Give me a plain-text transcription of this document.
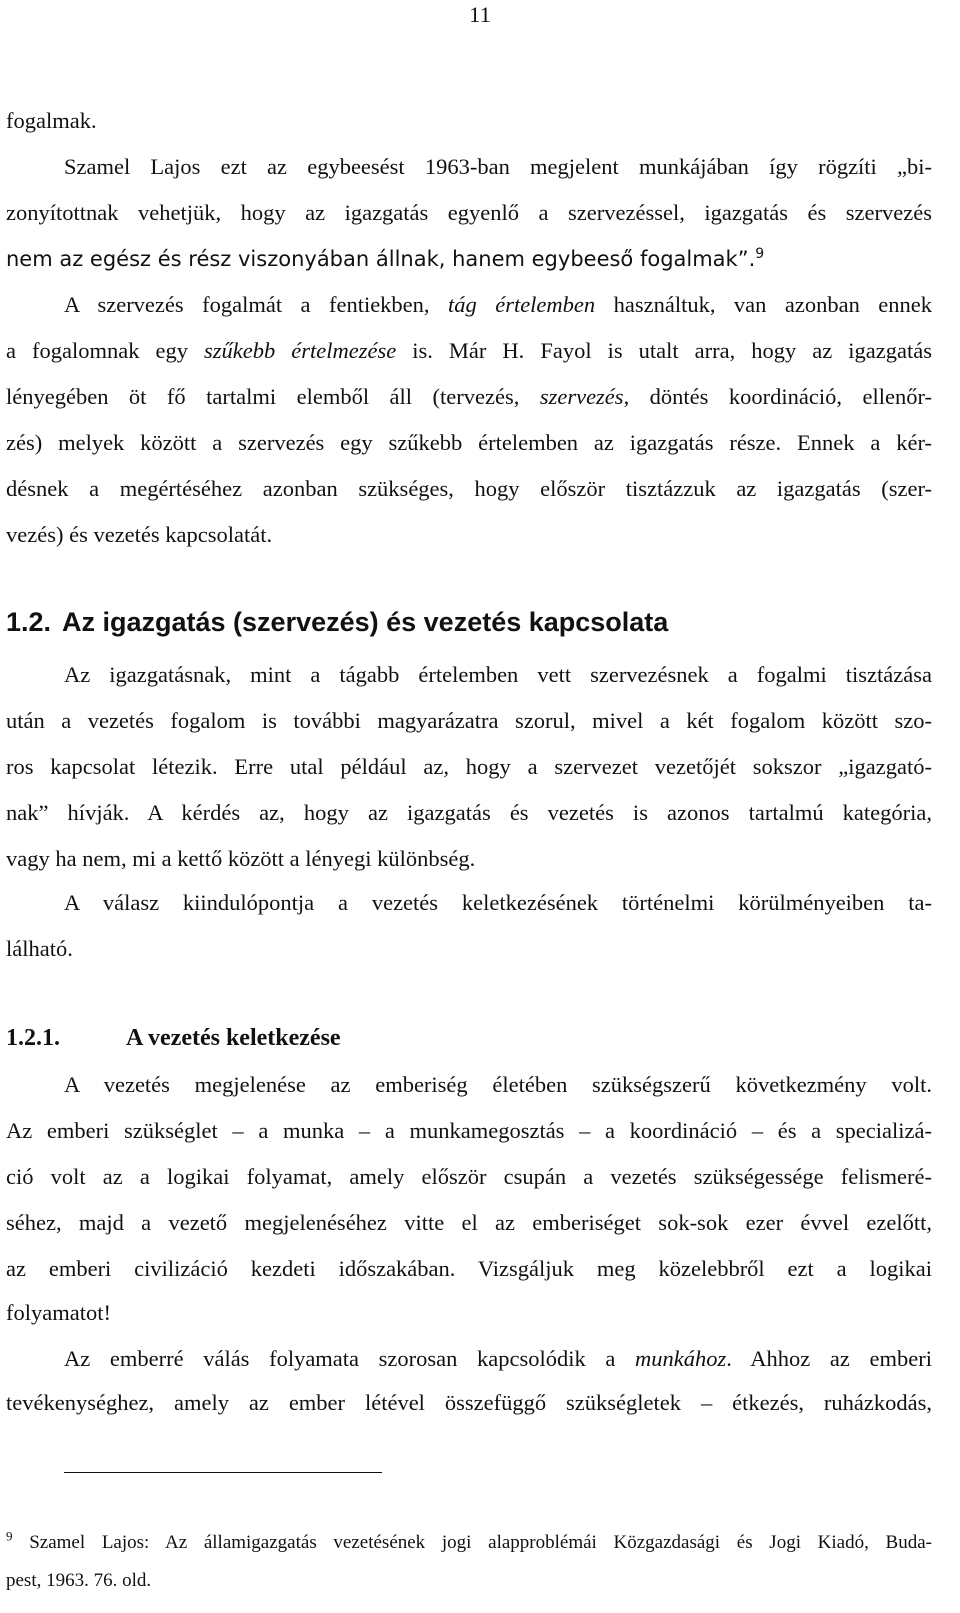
11
fogalmak.
Szamel Lajos ezt az egybeesést 1963-ban megjelent munkájában így rögzíti „bi-
zonyítottnak vehetjük, hogy az igazgatás egyenlő a szervezéssel, igazgatás és szervezés
nem az egész és rész viszonyában állnak, hanem egybeeső fogalmak”.$^9$
A szervezés fogalmát a fentiekben, tág értelemben használtuk, van azonban ennek
a fogalomnak egy szűkebb értelmezése is. Már H. Fayol is utalt arra, hogy az igazgatás
lényegében öt fő tartalmi elemből áll (tervezés, szervezés, döntés koordináció, ellenőr-
zés) melyek között a szervezés egy szűkebb értelemben az igazgatás része. Ennek a kér-
désnek a megértéséhez azonban szükséges, hogy először tisztázzuk az igazgatás (szer-
vezés) és vezetés kapcsolatát.
1.2. Az igazgatás (szervezés) és vezetés kapcsolata
Az igazgatásnak, mint a tágabb értelemben vett szervezésnek a fogalmi tisztázása
után a vezetés fogalom is további magyarázatra szorul, mivel a két fogalom között szo-
ros kapcsolat létezik. Erre utal például az, hogy a szervezet vezetőjét sokszor „igazgató-
nak” hívják. A kérdés az, hogy az igazgatás és vezetés is azonos tartalmú kategória,
vagy ha nem, mi a kettő között a lényegi különbség.
A válasz kiindulópontja a vezetés keletkezésének történelmi körülményeiben ta-
lálható.
1.2.1.	A vezetés keletkezése
A vezetés megjelenése az emberiség életében szükségszerű következmény volt.
Az emberi szükséglet – a munka – a munkamegosztás – a koordináció – és a specializá-
ció volt az a logikai folyamat, amely először csupán a vezetés szükségessége felismeré-
séhez, majd a vezető megjelenéséhez vitte el az emberiséget sok-sok ezer évvel ezelőtt,
az emberi civilizáció kezdeti időszakában. Vizsgáljuk meg közelebbről ezt a logikai
folyamatot!
Az emberré válás folyamata szorosan kapcsolódik a munkához. Ahhoz az emberi
tevékenységhez, amely az ember létével összefüggő szükségletek – étkezés, ruházkodás,
$^9$ Szamel Lajos: Az államigazgatás vezetésének jogi alapproblémái Közgazdasági és Jogi Kiadó, Buda-
pest, 1963. 76. old.
